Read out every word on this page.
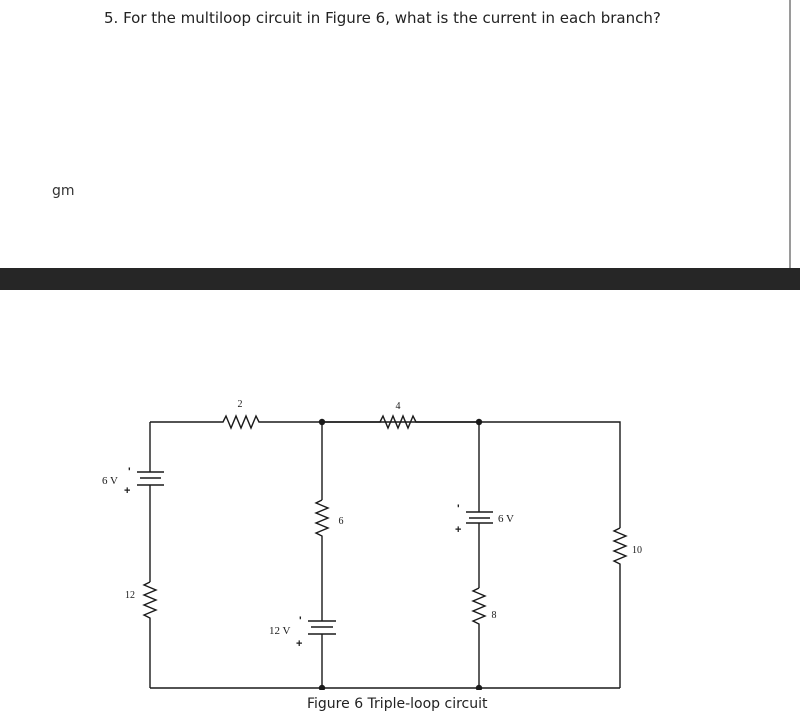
5. For the multiloop circuit in Figure 6, what is the current in each branch?
gm
2	4
6
8
10
12
6 V
12 V
6 V
'
+
'
+
'
+
Figure 6 Triple-loop circuit
